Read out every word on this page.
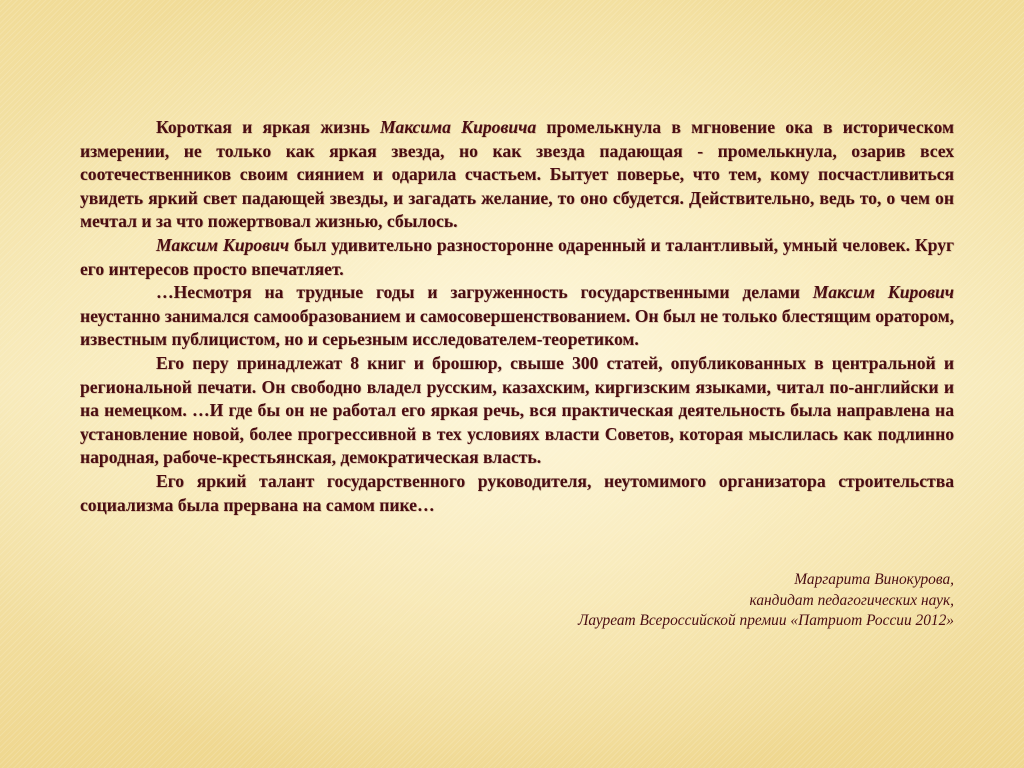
Короткая и яркая жизнь Максима Кировича промелькнула в мгновение ока в историческом измерении, не только как яркая звезда, но как звезда падающая - промелькнула, озарив всех соотечественников своим сиянием и одарила счастьем. Бытует поверье, что тем, кому посчастливиться увидеть яркий свет падающей звезды, и загадать желание, то оно сбудется. Действительно, ведь то, о чем он мечтал и за что пожертвовал жизнью, сбылось.

Максим Кирович был удивительно разносторонне одаренный и талантливый, умный человек. Круг его интересов просто впечатляет.

…Несмотря на трудные годы и загруженность государственными делами Максим Кирович неустанно занимался самообразованием и самосовершенствованием. Он был не только блестящим оратором, известным публицистом, но и серьезным исследователем-теоретиком.

Его перу принадлежат 8 книг и брошюр, свыше 300 статей, опубликованных в центральной и региональной печати. Он свободно владел русским, казахским, киргизским языками, читал по-английски и на немецком. …И где бы он не работал его яркая речь, вся практическая деятельность была направлена на установление новой, более прогрессивной в тех условиях власти Советов, которая мыслилась как подлинно народная, рабоче-крестьянская, демократическая власть.

Его яркий талант государственного руководителя, неутомимого организатора строительства социализма была прервана на самом пике…

Маргарита Винокурова,
кандидат педагогических наук,
Лауреат Всероссийской премии «Патриот России 2012»
